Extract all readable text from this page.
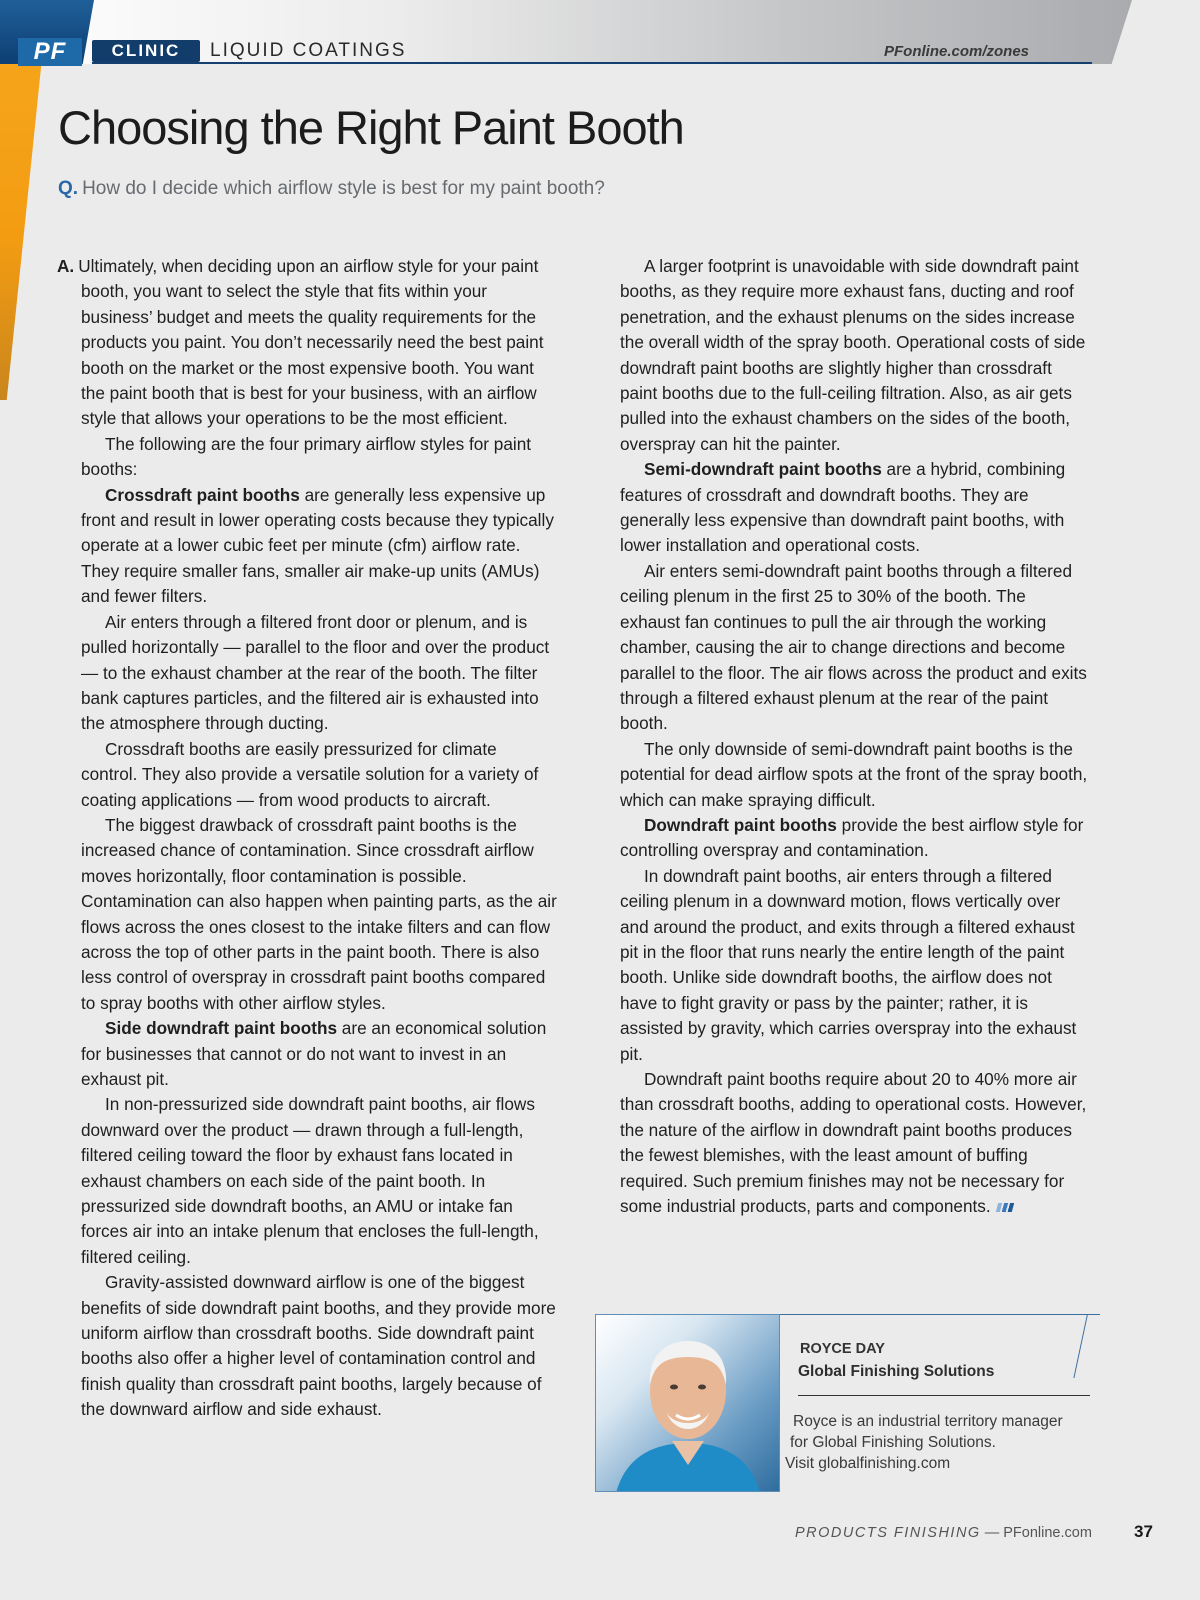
PF	CLINIC	LIQUID COATINGS	PFonline.com/zones
Choosing the Right Paint Booth
Q. How do I decide which airflow style is best for my paint booth?

A. Ultimately, when deciding upon an airflow style for your paint booth, you want to select the style that fits within your business’ budget and meets the quality requirements for the products you paint. You don’t necessarily need the best paint booth on the market or the most expensive booth. You want the paint booth that is best for your business, with an airflow style that allows your operations to be the most efficient.

The following are the four primary airflow styles for paint booths:

Crossdraft paint booths are generally less expensive up front and result in lower operating costs because they typically operate at a lower cubic feet per minute (cfm) airflow rate. They require smaller fans, smaller air make-up units (AMUs) and fewer filters.

Air enters through a filtered front door or plenum, and is pulled horizontally — parallel to the floor and over the product — to the exhaust chamber at the rear of the booth. The filter bank captures particles, and the filtered air is exhausted into the atmosphere through ducting.

Crossdraft booths are easily pressurized for climate control. They also provide a versatile solution for a variety of coating applications — from wood products to aircraft.

The biggest drawback of crossdraft paint booths is the increased chance of contamination. Since crossdraft airflow moves horizontally, floor contamination is possible. Contamination can also happen when painting parts, as the air flows across the ones closest to the intake filters and can flow across the top of other parts in the paint booth. There is also less control of overspray in crossdraft paint booths compared to spray booths with other airflow styles.

Side downdraft paint booths are an economical solution for businesses that cannot or do not want to invest in an exhaust pit.

In non-pressurized side downdraft paint booths, air flows downward over the product — drawn through a full-length, filtered ceiling toward the floor by exhaust fans located in exhaust chambers on each side of the paint booth. In pressurized side downdraft booths, an AMU or intake fan forces air into an intake plenum that encloses the full-length, filtered ceiling.

Gravity-assisted downward airflow is one of the biggest benefits of side downdraft paint booths, and they provide more uniform airflow than crossdraft booths. Side downdraft paint booths also offer a higher level of contamination control and finish quality than crossdraft paint booths, largely because of the downward airflow and side exhaust.

A larger footprint is unavoidable with side downdraft paint booths, as they require more exhaust fans, ducting and roof penetration, and the exhaust plenums on the sides increase the overall width of the spray booth. Operational costs of side downdraft paint booths are slightly higher than crossdraft paint booths due to the full-ceiling filtration. Also, as air gets pulled into the exhaust chambers on the sides of the booth, overspray can hit the painter.

Semi-downdraft paint booths are a hybrid, combining features of crossdraft and downdraft booths. They are generally less expensive than downdraft paint booths, with lower installation and operational costs.

Air enters semi-downdraft paint booths through a filtered ceiling plenum in the first 25 to 30% of the booth. The exhaust fan continues to pull the air through the working chamber, causing the air to change directions and become parallel to the floor. The air flows across the product and exits through a filtered exhaust plenum at the rear of the paint booth.

The only downside of semi-downdraft paint booths is the potential for dead airflow spots at the front of the spray booth, which can make spraying difficult.

Downdraft paint booths provide the best airflow style for controlling overspray and contamination.

In downdraft paint booths, air enters through a filtered ceiling plenum in a downward motion, flows vertically over and around the product, and exits through a filtered exhaust pit in the floor that runs nearly the entire length of the paint booth. Unlike side downdraft booths, the airflow does not have to fight gravity or pass by the painter; rather, it is assisted by gravity, which carries overspray into the exhaust pit.

Downdraft paint booths require about 20 to 40% more air than crossdraft booths, adding to operational costs. However, the nature of the airflow in downdraft paint booths produces the fewest blemishes, with the least amount of buffing required. Such premium finishes may not be necessary for some industrial products, parts and components.

ROYCE DAY
Global Finishing Solutions
Royce is an industrial territory manager
for Global Finishing Solutions.
Visit globalfinishing.com
PRODUCTS FINISHING — PFonline.com 37
